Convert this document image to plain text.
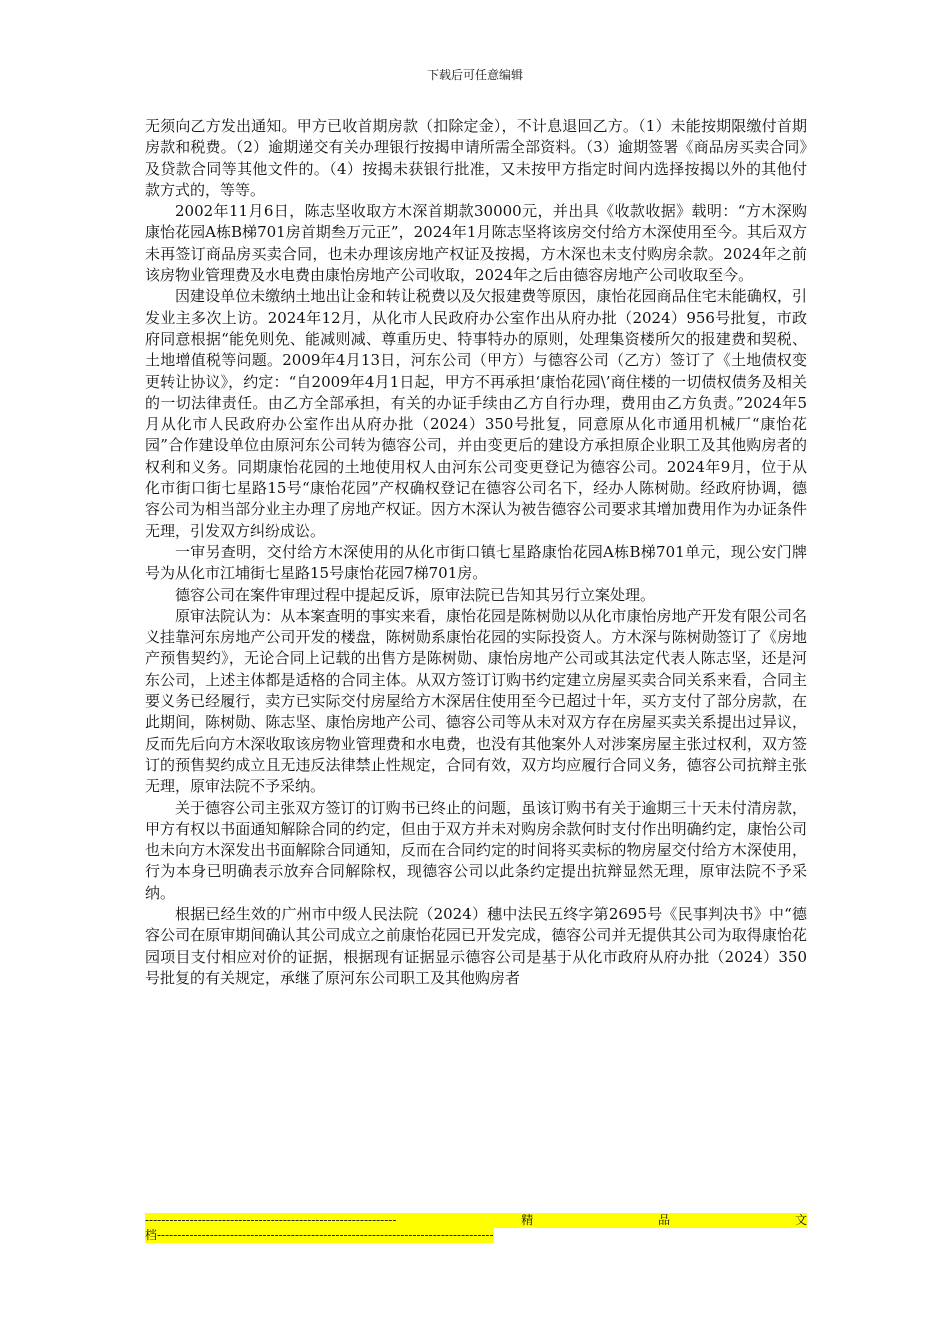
下载后可任意编辑

无须向乙方发出通知。甲方已收首期房款（扣除定金），不计息退回乙方。（1）未能按期限缴付首期房款和税费。（2）逾期递交有关办理银行按揭申请所需全部资料。（3）逾期签署《商品房买卖合同》及贷款合同等其他文件的。（4）按揭未获银行批准，又未按甲方指定时间内选择按揭以外的其他付款方式的，等等。

2002年11月6日，陈志坚收取方木深首期款30000元，并出具《收款收据》载明：“方木深购康怡花园A栋B梯701房首期叁万元正”，2024年1月陈志坚将该房交付给方木深使用至今。其后双方未再签订商品房买卖合同，也未办理该房地产权证及按揭，方木深也未支付购房余款。2024年之前该房物业管理费及水电费由康怡房地产公司收取，2024年之后由德容房地产公司收取至今。

因建设单位未缴纳土地出让金和转让税费以及欠报建费等原因，康怡花园商品住宅未能确权，引发业主多次上访。2024年12月，从化市人民政府办公室作出从府办批（2024）956号批复，市政府同意根据“能免则免、能减则减、尊重历史、特事特办的原则，处理集资楼所欠的报建费和契税、土地增值税等问题。2009年4月13日，河东公司（甲方）与德容公司（乙方）签订了《土地债权变更转让协议》，约定：“自2009年4月1日起，甲方不再承担‘康怡花园\’商住楼的一切债权债务及相关的一切法律责任。由乙方全部承担，有关的办证手续由乙方自行办理，费用由乙方负责。”2024年5月从化市人民政府办公室作出从府办批（2024）350号批复，同意原从化市通用机械厂“康怡花园”合作建设单位由原河东公司转为德容公司，并由变更后的建设方承担原企业职工及其他购房者的权利和义务。同期康怡花园的土地使用权人由河东公司变更登记为德容公司。2024年9月，位于从化市街口街七星路15号“康怡花园”产权确权登记在德容公司名下，经办人陈树勋。经政府协调，德容公司为相当部分业主办理了房地产权证。因方木深认为被告德容公司要求其增加费用作为办证条件无理，引发双方纠纷成讼。

一审另查明，交付给方木深使用的从化市街口镇七星路康怡花园A栋B梯701单元，现公安门牌号为从化市江埔街七星路15号康怡花园7梯701房。

德容公司在案件审理过程中提起反诉，原审法院已告知其另行立案处理。

原审法院认为：从本案查明的事实来看，康怡花园是陈树勋以从化市康怡房地产开发有限公司名义挂靠河东房地产公司开发的楼盘，陈树勋系康怡花园的实际投资人。方木深与陈树勋签订了《房地产预售契约》，无论合同上记载的出售方是陈树勋、康怡房地产公司或其法定代表人陈志坚，还是河东公司，上述主体都是适格的合同主体。从双方签订订购书约定建立房屋买卖合同关系来看，合同主要义务已经履行，卖方已实际交付房屋给方木深居住使用至今已超过十年，买方支付了部分房款，在此期间，陈树勋、陈志坚、康怡房地产公司、德容公司等从未对双方存在房屋买卖关系提出过异议，反而先后向方木深收取该房物业管理费和水电费，也没有其他案外人对涉案房屋主张过权利，双方签订的预售契约成立且无违反法律禁止性规定，合同有效，双方均应履行合同义务，德容公司抗辩主张无理，原审法院不予采纳。

关于德容公司主张双方签订的订购书已终止的问题，虽该订购书有关于逾期三十天未付清房款，甲方有权以书面通知解除合同的约定，但由于双方并未对购房余款何时支付作出明确约定，康怡公司也未向方木深发出书面解除合同通知，反而在合同约定的时间将买卖标的物房屋交付给方木深使用，行为本身已明确表示放弃合同解除权，现德容公司以此条约定提出抗辩显然无理，原审法院不予采纳。

根据已经生效的广州市中级人民法院（2024）穗中法民五终字第2695号《民事判决书》中“德容公司在原审期间确认其公司成立之前康怡花园已开发完成，德容公司并无提供其公司为取得康怡花园项目支付相应对价的证据，根据现有证据显示德容公司是基于从化市政府从府办批（2024）350号批复的有关规定，承继了原河东公司职工及其他购房者

--------------------------------------------------------------	精	品	文
档-----------------------------------------------------------------------------------
